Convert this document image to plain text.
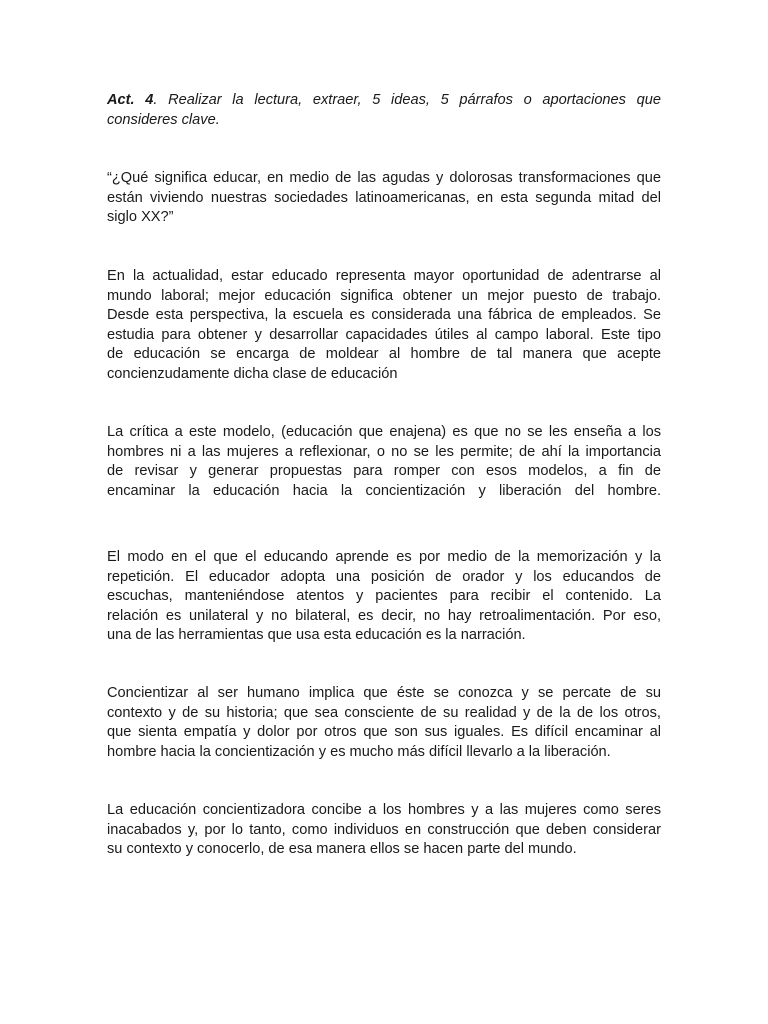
Act. 4. Realizar la lectura, extraer, 5 ideas, 5 párrafos o aportaciones que
consideres clave.
“¿Qué significa educar, en medio de las agudas y dolorosas transformaciones que
están viviendo nuestras sociedades latinoamericanas, en esta segunda mitad del
siglo XX?”
En la actualidad, estar educado representa mayor oportunidad de adentrarse al
mundo laboral; mejor educación significa obtener un mejor puesto de trabajo.
Desde esta perspectiva, la escuela es considerada una fábrica de empleados. Se
estudia para obtener y desarrollar capacidades útiles al campo laboral. Este tipo
de educación se encarga de moldear al hombre de tal manera que acepte
concienzudamente dicha clase de educación
La crítica a este modelo, (educación que enajena) es que no se les enseña a los
hombres ni a las mujeres a reflexionar, o no se les permite; de ahí la importancia
de revisar y generar propuestas para romper con esos modelos, a fin de
encaminar la educación hacia la concientización y liberación del hombre.
El modo en el que el educando aprende es por medio de la memorización y la
repetición. El educador adopta una posición de orador y los educandos de
escuchas, manteniéndose atentos y pacientes para recibir el contenido. La
relación es unilateral y no bilateral, es decir, no hay retroalimentación. Por eso,
una de las herramientas que usa esta educación es la narración.
Concientizar al ser humano implica que éste se conozca y se percate de su
contexto y de su historia; que sea consciente de su realidad y de la de los otros,
que sienta empatía y dolor por otros que son sus iguales. Es difícil encaminar al
hombre hacia la concientización y es mucho más difícil llevarlo a la liberación.
La educación concientizadora concibe a los hombres y a las mujeres como seres
inacabados y, por lo tanto, como individuos en construcción que deben considerar
su contexto y conocerlo, de esa manera ellos se hacen parte del mundo.
